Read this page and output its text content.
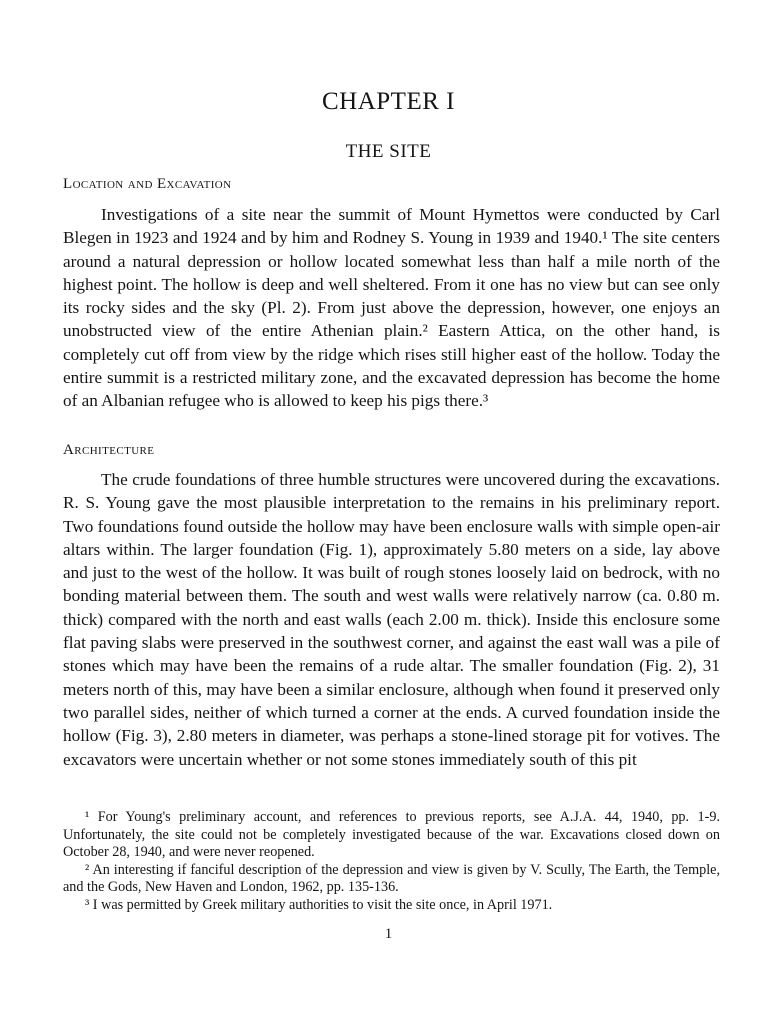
CHAPTER I
THE SITE
Location and Excavation

Investigations of a site near the summit of Mount Hymettos were conducted by Carl Blegen in 1923 and 1924 and by him and Rodney S. Young in 1939 and 1940.¹ The site centers around a natural depression or hollow located somewhat less than half a mile north of the highest point. The hollow is deep and well sheltered. From it one has no view but can see only its rocky sides and the sky (Pl. 2). From just above the depression, however, one enjoys an unobstructed view of the entire Athenian plain.² Eastern Attica, on the other hand, is completely cut off from view by the ridge which rises still higher east of the hollow. Today the entire summit is a restricted military zone, and the excavated depression has become the home of an Albanian refugee who is allowed to keep his pigs there.³

Architecture

The crude foundations of three humble structures were uncovered during the excavations. R. S. Young gave the most plausible interpretation to the remains in his preliminary report. Two foundations found outside the hollow may have been enclosure walls with simple open-air altars within. The larger foundation (Fig. 1), approximately 5.80 meters on a side, lay above and just to the west of the hollow. It was built of rough stones loosely laid on bedrock, with no bonding material between them. The south and west walls were relatively narrow (ca. 0.80 m. thick) compared with the north and east walls (each 2.00 m. thick). Inside this enclosure some flat paving slabs were preserved in the southwest corner, and against the east wall was a pile of stones which may have been the remains of a rude altar. The smaller foundation (Fig. 2), 31 meters north of this, may have been a similar enclosure, although when found it preserved only two parallel sides, neither of which turned a corner at the ends. A curved foundation inside the hollow (Fig. 3), 2.80 meters in diameter, was perhaps a stone-lined storage pit for votives. The excavators were uncertain whether or not some stones immediately south of this pit

¹ For Young's preliminary account, and references to previous reports, see A.J.A. 44, 1940, pp. 1-9. Unfortunately, the site could not be completely investigated because of the war. Excavations closed down on October 28, 1940, and were never reopened.

² An interesting if fanciful description of the depression and view is given by V. Scully, The Earth, the Temple, and the Gods, New Haven and London, 1962, pp. 135-136.

³ I was permitted by Greek military authorities to visit the site once, in April 1971.

1
